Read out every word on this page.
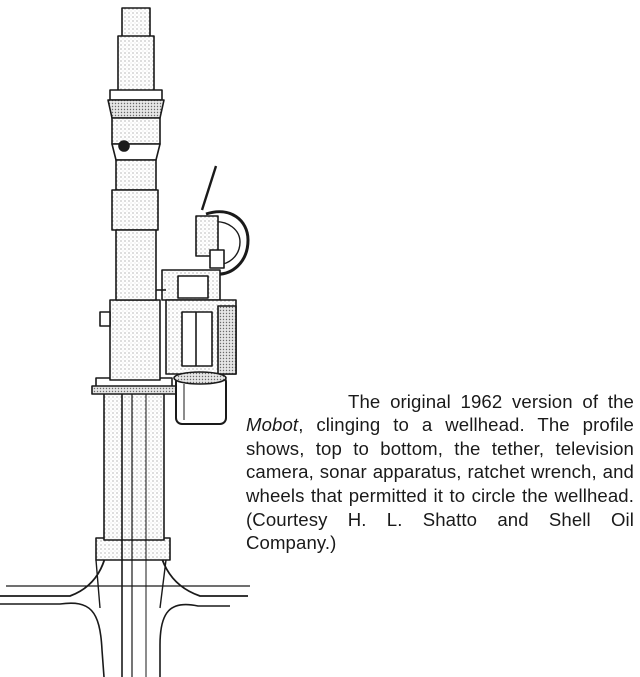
The original 1962 version of the Mobot, clinging to a wellhead. The profile shows, top to bottom, the tether, television camera, sonar apparatus, ratchet wrench, and wheels that permitted it to circle the wellhead. (Courtesy H. L. Shatto and Shell Oil Company.)
